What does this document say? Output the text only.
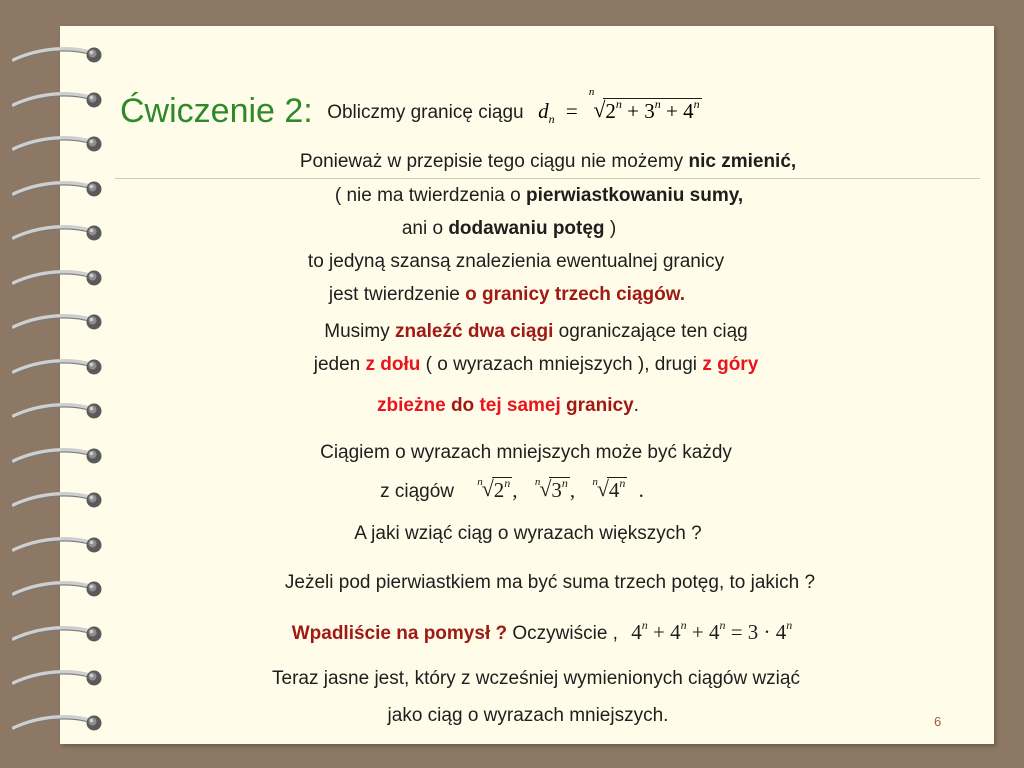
Ćwiczenie 2: Obliczmy granicę ciągu $d_n = ^n$
√ $2^n + 3^n + 4^n$
Ponieważ w przepisie tego ciągu nie możemy nic zmienić,
( nie ma twierdzenia o pierwiastkowaniu sumy,
ani o dodawaniu potęg )
to jedyną szansą znalezienia ewentualnej granicy
jest twierdzenie o granicy trzech ciągów.
Musimy znaleźć dwa ciągi ograniczające ten ciąg
jeden z dołu ( o wyrazach mniejszych ), drugi z góry
zbieżne do tej samej granicy.
Ciągiem o wyrazach mniejszych może być każdy
z ciągów $^n$ √ 2$^n$, $^n$ √ 3$^n$, $^n$ √ 4$^n$ .
A jaki wziąć ciąg o wyrazach większych ?
Jeżeli pod pierwiastkiem ma być suma trzech potęg, to jakich ?
Wpadliście na pomysł ? Oczywiście , $4^n + 4^n + 4^n = 3 \cdot 4^n$
Teraz jasne jest, który z wcześniej wymienionych ciągów wziąć
jako ciąg o wyrazach mniejszych.	6
